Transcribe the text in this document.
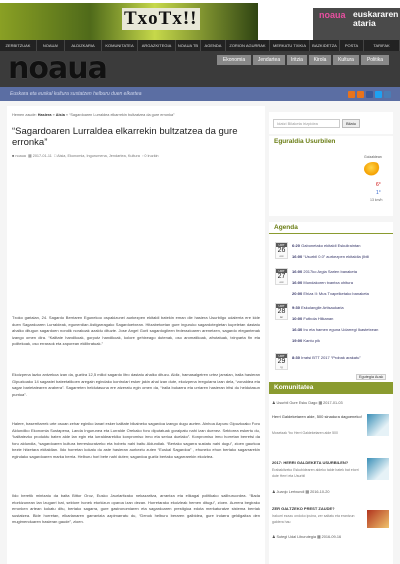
TxoTx!!	noaua euskararen
ataria
ZERBITZUAK	NOAUA!	ALDIZKARIA	KOMUNITATEA	ARGAZKITEGIA	NOAUA TB	AGENDA	ZORION AGURRAK	MERKATU TXIKIA	BAZKIDETZA	POSTA	TARIFAK
noaua	Ekonomia	Jendartea	Iritzia	Kirola	Kultura	Politika
Euskara eta euskal kultura sustatzen helburu duen elkartea
Hemen zaude: Hasiera » Aisia » “Sagardoaren Lurraldea elkarrekin bultzatzea da gure erronka”
“Sagardoaren Lurraldea elkarrekin bultzatzea da gure erronka”
■ noaua ▦ 2017-01-11 □ Aisia, Ekonomia, Ingurumena, Jendartea, Kultura ▫ 0 iruzkin

Txoko gariaian, 24. Sagardo Berriaren Egunekoo ospakizunei aurkezpen ekitaldi batekin eman die hasiera Usurbilgo udalerria ere kide duen Sagardoaren Lurraldeak, egunerdian Astigarragako Sagardoetxean. Hitzabetoetan gure inguruko sagardotegietan kupeletan dastatu ahalko ditugun sagardoen nondik norakoak azaldu dituzte. Jose Angel Gorii sagardogileen federazioaren arenetzen, sagardo elegantenak izango omen dira. “Kalitate handikoak, gorputz handikoak, kolore gehixeago dutenak, oso aromatikoak, afrutatuak, txinparta fin eta politekoak, oso erraraok eta zaporean ekilibratuak.”

Ekoizpena lazko antzekoa izan da, guztira 12,5 milioi sagardo litro dastatu ahalko dituzu. Aldiz, hamasalgeiren urtez jarraian, iraila hasieran Gipuzkoako 14 sagastei bateetatikoen aregain egindako kontrolari esker jakin ahal izan dute, ekoizpena irregularra izan dela, “zonaldea eta sagar barietatearen arabera”. Sagarreten heldutasuna ere atzeratu egin omen da, “iraila bukaera eta urriaren hasieran iritsi du heldutasun puntua”.

Halere, baserritarrek urte osoan zehar eginiko lanari esker kalitate bikaineko sagardoa izango dugu aurten. Ainhoa Azpuru Gipuzkoako Foru Aldundiko Ekonomia Sustapena, Landa Ingurunea eta Lurralde Orekako foru diputatuak goraipatu nahi izan duenez. Sektorea eskertu du, “kalitatezko produktu baten alde lan egin eta lurraldearekiko konpromiso irmo eta serioa duelako”. Konpromiso irmo horretan berretsi da foru aldundia, “sagardoaren kultura berreskuratzeko eta hobetu nahi baitu Aldundiak. “Bertako sagarra sustatu nahi dugu”, zioen gaurkoa bezte hitzetara ekitaldian. Ildo horretan kokatu du aste hasieran aurkeztu zuten “Euskal Sagardoa” , ehuneko ehun bertako sagarrarekin egindako sagardoaren marka berria. Helburu hori bete nahi duten; sagardoa guztiz bertako sagarrarekin ekoiztea.

Ildo beretik mintzatu da baita Bittor Oroz, Eusko Jaurlaritzako nekazaritza, arrantza eta elikagai politikako sailburuordea. “Bada etorkizunean lan lzugarri bat, sektore honek etorkizun oparoa izan dezan. Horretarako ekoizleak hemen ditugu”, zioen. Aurrera begirako erronken artean kokatu ditu, bertako sagarra, gure gastronomiaren eta sagardoaren prestigioa edota merkaturatze sistema berriak sustatzea. Bide horretan, elkarlanaren garrantzia azpimarratu du, “Denok helburu beraren galbidea, gure indarra geldigaitza den mugimenduaren hasieran gaude”, zioen.

Idatzi Bilaketa irizpidea	Bilatu
Eguraldia Usurbilen
Goizaldean
6°
1°
13 km/h
Agenda
URT
26
ost
6:20 Gabonetako ekitaldi Eskuliraintan
16:00 “Usurbil 0.0” aurkezpen ekitaldia (Ibili
URT
27
ost
16:00 2017ko Argia Sarien banaketa
16:00 Mundakoren txantxa ohitura
20:00 Ehiza II: Mus Txapelketako banaketa
URT
28
lar
9:30 Eskulangile Artisaukaria
10:00 Futbola Hiikanan
16:30 Iru eta hamen eguna Udarregi Ikastetxean
19:00 Kantu pik
URT
29
ig
8:30 Irratsi BTT 2017 “Probak arakatu”
Egutegia Ausk
Komunitatea
♟ Usurbil Gure Esku Dago ▦ 2017-01-03
Herri Galdeketaren alde, 500 sinadura dagoeneko!
Mosetzak “bo Herri Galdeketaren alde 500
2017: HERRI GALDEKETA USURBILEN?
Erabakitzeko Eskubidearen aldeko talde batek bat etorri dute Herri eta Usurbil
♟ Juanjo Lertxundi ▦ 2016-10-20
ZER GALTZEKO PREST ZAUDE?
Irakurri ezazu ondoko ipuina, zer saltatu eta erantzun galdera hau
♟ Sutegi Udal Liburutegia ▦ 2016-09-16
